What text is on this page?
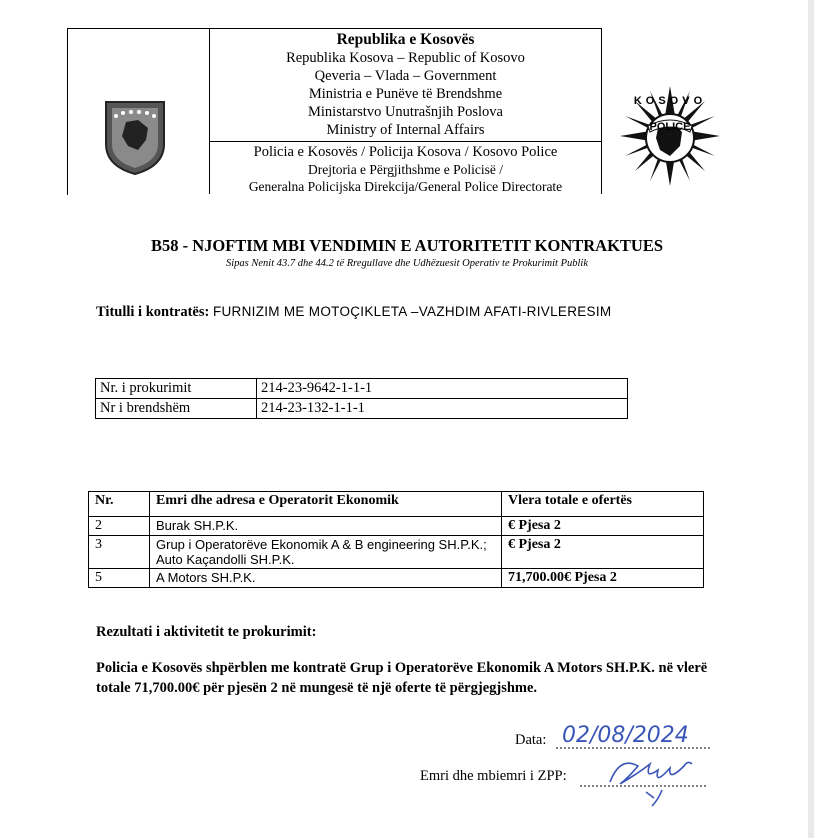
Republika e Kosovës
Republika Kosova – Republic of Kosovo
Qeveria – Vlada – Government
Ministria e Punëve të Brendshme
Ministarstvo Unutrašnjih Poslova
Ministry of Internal Affairs
Policia e Kosovës / Policija Kosova / Kosovo Police
Drejtoria e Përgjithshme e Policisë /
Generalna Policijska Direkcija/General Police Directorate
POLICE
KOSOVO
B58 - NJOFTIM MBI VENDIMIN E AUTORITETIT KONTRAKTUES
Sipas Nenit 43.7 dhe 44.2 të Rregullave dhe Udhëzuesit Operativ te Prokurimit Publik
Titulli i kontratës: FURNIZIM ME MOTOÇIKLETA –VAZHDIM AFATI-RIVLERESIM
Nr. i prokurimit	214-23-9642-1-1-1
Nr i brendshëm	214-23-132-1-1-1
Nr.	Emri dhe adresa e Operatorit Ekonomik	Vlera totale e ofertës
2	Burak SH.P.K.	€ Pjesa 2
3	Grup i Operatorëve Ekonomik A & B engineering SH.P.K.; Auto Kaçandolli SH.P.K.	€ Pjesa 2
5	A Motors SH.P.K.	71,700.00€ Pjesa 2
Rezultati i aktivitetit te prokurimit:
Policia e Kosovës shpërblen me kontratë Grup i Operatorëve Ekonomik A Motors SH.P.K. në vlerë totale 71,700.00€ për pjesën 2 në mungesë të një oferte të përgjegjshme.
Data: 02/08/2024
Emri dhe mbiemri i ZPP:
